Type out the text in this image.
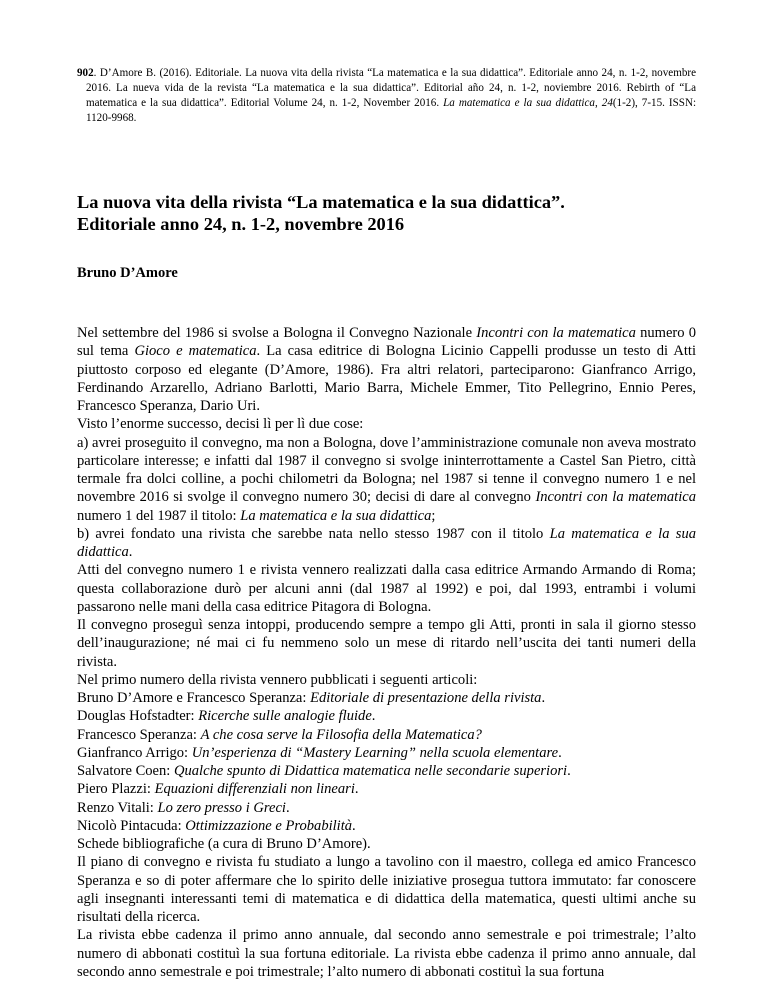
902. D’Amore B. (2016). Editoriale. La nuova vita della rivista “La matematica e la sua didattica”. Editoriale anno 24, n. 1-2, novembre 2016. La nueva vida de la revista “La matematica e la sua didattica”. Editorial año 24, n. 1-2, noviembre 2016. Rebirth of “La matematica e la sua didattica”. Editorial Volume 24, n. 1-2, November 2016. La matematica e la sua didattica, 24(1-2), 7-15. ISSN: 1120-9968.
La nuova vita della rivista “La matematica e la sua didattica”.
Editoriale anno 24, n. 1-2, novembre 2016
Bruno D’Amore

Nel settembre del 1986 si svolse a Bologna il Convegno Nazionale Incontri con la matematica numero 0 sul tema Gioco e matematica. La casa editrice di Bologna Licinio Cappelli produsse un testo di Atti piuttosto corposo ed elegante (D’Amore, 1986). Fra altri relatori, parteciparono: Gianfranco Arrigo, Ferdinando Arzarello, Adriano Barlotti, Mario Barra, Michele Emmer, Tito Pellegrino, Ennio Peres, Francesco Speranza, Dario Uri.

Visto l’enorme successo, decisi lì per lì due cose:

a) avrei proseguito il convegno, ma non a Bologna, dove l’amministrazione comunale non aveva mostrato particolare interesse; e infatti dal 1987 il convegno si svolge ininterrottamente a Castel San Pietro, città termale fra dolci colline, a pochi chilometri da Bologna; nel 1987 si tenne il convegno numero 1 e nel novembre 2016 si svolge il convegno numero 30; decisi di dare al convegno Incontri con la matematica numero 1 del 1987 il titolo: La matematica e la sua didattica;

b) avrei fondato una rivista che sarebbe nata nello stesso 1987 con il titolo La matematica e la sua didattica.

Atti del convegno numero 1 e rivista vennero realizzati dalla casa editrice Armando Armando di Roma; questa collaborazione durò per alcuni anni (dal 1987 al 1992) e poi, dal 1993, entrambi i volumi passarono nelle mani della casa editrice Pitagora di Bologna.

Il convegno proseguì senza intoppi, producendo sempre a tempo gli Atti, pronti in sala il giorno stesso dell’inaugurazione; né mai ci fu nemmeno solo un mese di ritardo nell’uscita dei tanti numeri della rivista.

Nel primo numero della rivista vennero pubblicati i seguenti articoli:

Bruno D’Amore e Francesco Speranza: Editoriale di presentazione della rivista.

Douglas Hofstadter: Ricerche sulle analogie fluide.

Francesco Speranza: A che cosa serve la Filosofia della Matematica?

Gianfranco Arrigo: Un’esperienza di “Mastery Learning” nella scuola elementare.

Salvatore Coen: Qualche spunto di Didattica matematica nelle secondarie superiori.

Piero Plazzi: Equazioni differenziali non lineari.

Renzo Vitali: Lo zero presso i Greci.

Nicolò Pintacuda: Ottimizzazione e Probabilità.

Schede bibliografiche (a cura di Bruno D’Amore).

Il piano di convegno e rivista fu studiato a lungo a tavolino con il maestro, collega ed amico Francesco Speranza e so di poter affermare che lo spirito delle iniziative prosegua tuttora immutato: far conoscere agli insegnanti interessanti temi di matematica e di didattica della matematica, questi ultimi anche su risultati della ricerca.

La rivista ebbe cadenza il primo anno annuale, dal secondo anno semestrale e poi trimestrale; l’alto numero di abbonati costituì la sua fortuna editoriale. La rivista ebbe cadenza il primo anno annuale, dal secondo anno semestrale e poi trimestrale; l’alto numero di abbonati costituì la sua fortuna
